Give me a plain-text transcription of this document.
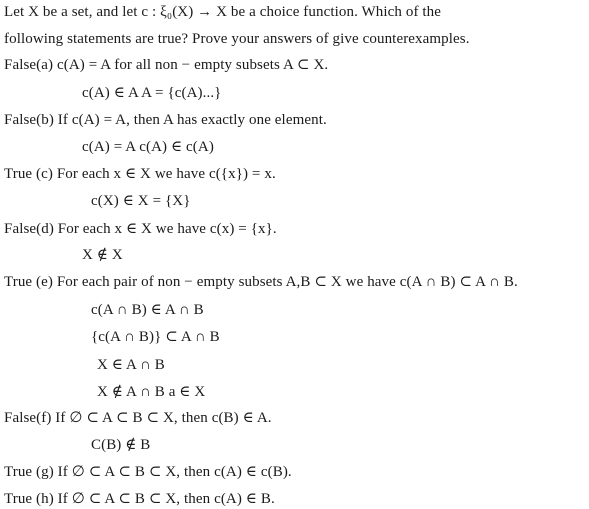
Let X be a set, and let c : ξ₀(X) → X be a choice function. Which of the
following statements are true? Prove your answers of give counterexamples.
False(a) c(A) = A for all non − empty subsets A ⊂ X.
c(A) ∈ A A = {c(A)...}
False(b) If c(A) = A, then A has exactly one element.
c(A) = A c(A) ∈ c(A)
True (c) For each x ∈ X we have c({x}) = x.
c(X) ∈ X = {X}
False(d) For each x ∈ X we have c(x) = {x}.
X ∉ X
True (e) For each pair of non − empty subsets A,B ⊂ X we have c(A ∩ B) ⊂ A ∩ B.
c(A ∩ B) ∈ A ∩ B
{c(A ∩ B)} ⊂ A ∩ B
X ∈ A ∩ B
X ∉ A ∩ B a ∈ X
False(f) If ∅ ⊂ A ⊂ B ⊂ X, then c(B) ∈ A.
C(B) ∉ B
True (g) If ∅ ⊂ A ⊂ B ⊂ X, then c(A) ∈ c(B).
True (h) If ∅ ⊂ A ⊂ B ⊂ X, then c(A) ∈ B.
